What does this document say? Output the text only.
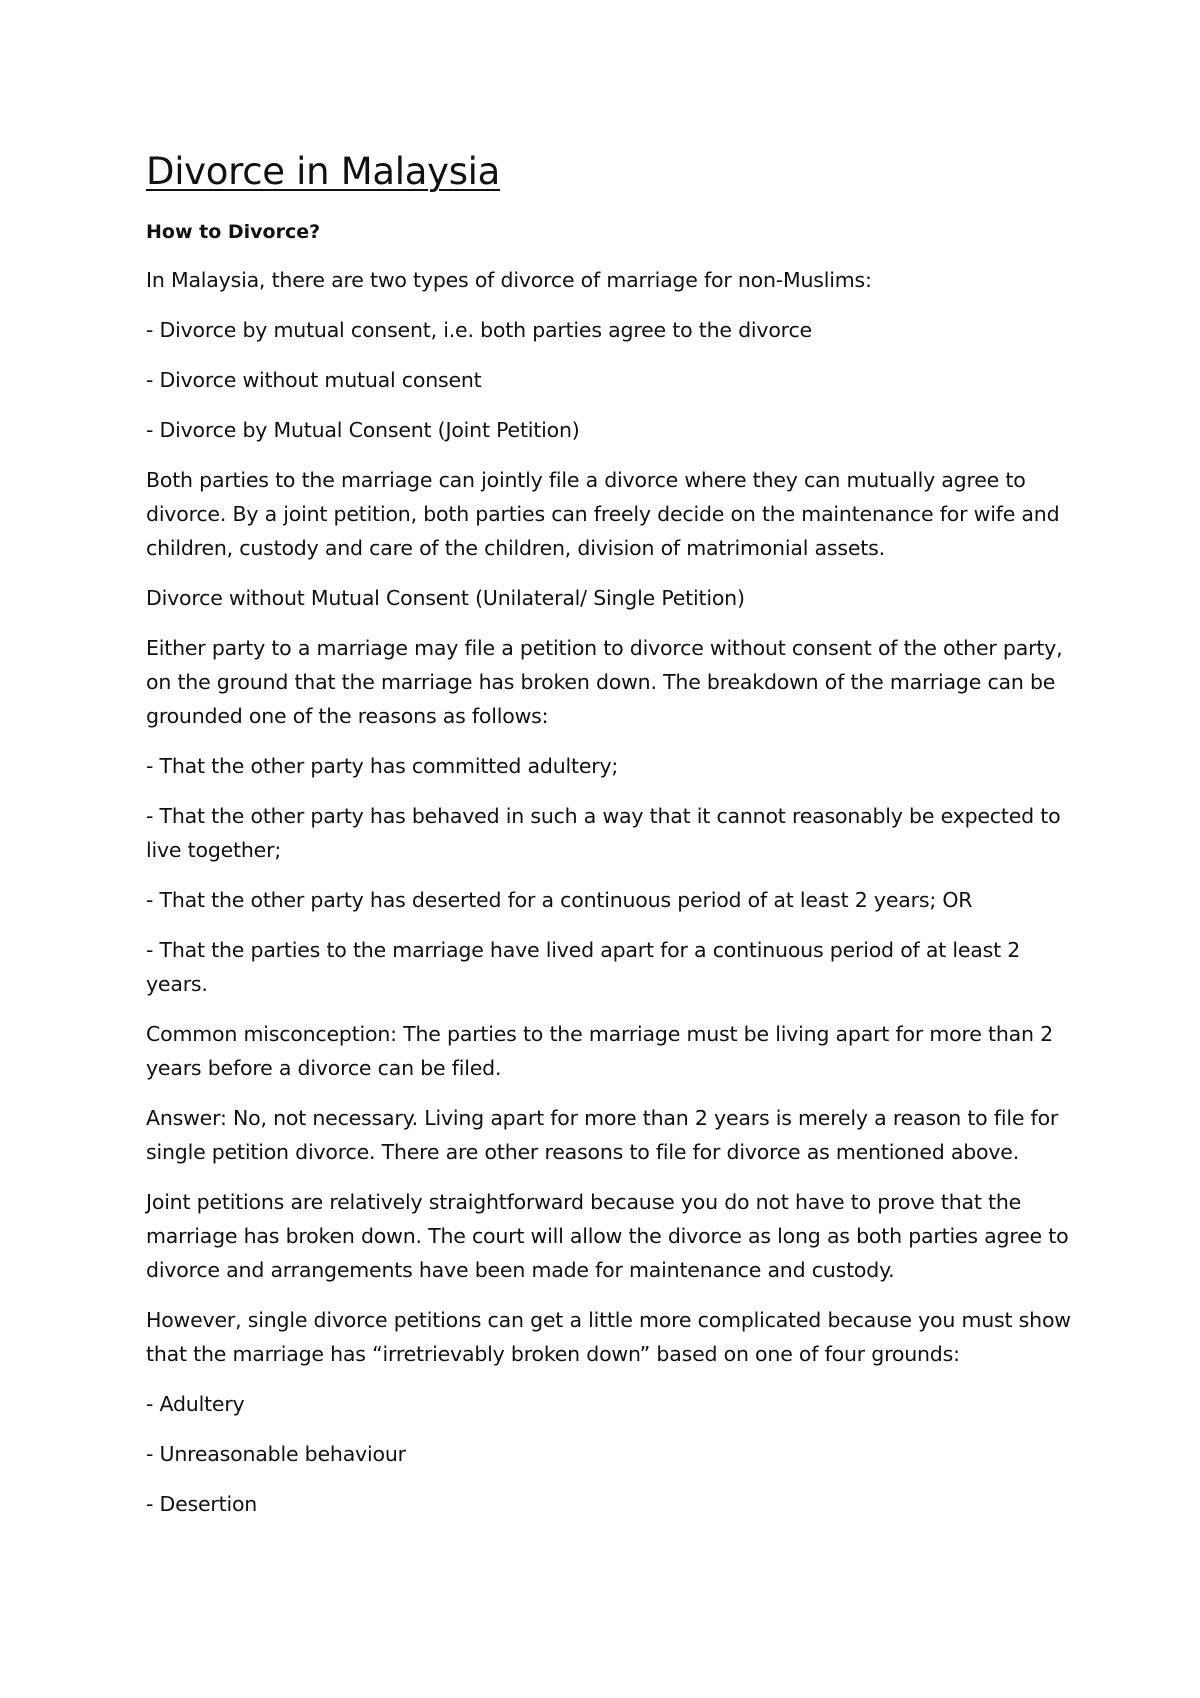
Divorce in Malaysia
How to Divorce?

In Malaysia, there are two types of divorce of marriage for non-Muslims:

- Divorce by mutual consent, i.e. both parties agree to the divorce

- Divorce without mutual consent

- Divorce by Mutual Consent (Joint Petition)

Both parties to the marriage can jointly file a divorce where they can mutually agree to divorce. By a joint petition, both parties can freely decide on the maintenance for wife and children, custody and care of the children, division of matrimonial assets.

Divorce without Mutual Consent (Unilateral/ Single Petition)

Either party to a marriage may file a petition to divorce without consent of the other party, on the ground that the marriage has broken down. The breakdown of the marriage can be grounded one of the reasons as follows:

- That the other party has committed adultery;

- That the other party has behaved in such a way that it cannot reasonably be expected to live together;

- That the other party has deserted for a continuous period of at least 2 years; OR

- That the parties to the marriage have lived apart for a continuous period of at least 2 years.

Common misconception: The parties to the marriage must be living apart for more than 2 years before a divorce can be filed.

Answer: No, not necessary. Living apart for more than 2 years is merely a reason to file for single petition divorce. There are other reasons to file for divorce as mentioned above.

Joint petitions are relatively straightforward because you do not have to prove that the marriage has broken down. The court will allow the divorce as long as both parties agree to divorce and arrangements have been made for maintenance and custody.

However, single divorce petitions can get a little more complicated because you must show that the marriage has “irretrievably broken down” based on one of four grounds:

- Adultery

- Unreasonable behaviour

- Desertion
